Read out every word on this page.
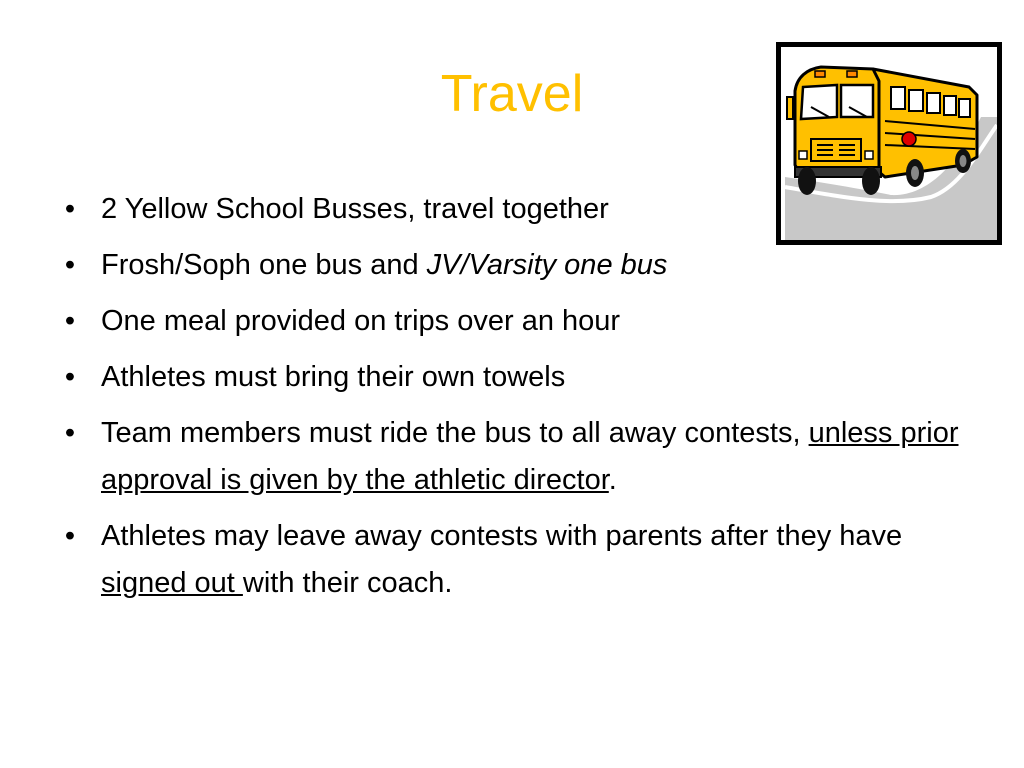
Travel
• 2 Yellow School Busses, travel together
• Frosh/Soph one bus and JV/Varsity one bus
• One meal provided on trips over an hour
• Athletes must bring their own towels
• Team members must ride the bus to all away contests, unless prior approval is given by the athletic director.
• Athletes may leave away contests with parents after they have signed out with their coach.
